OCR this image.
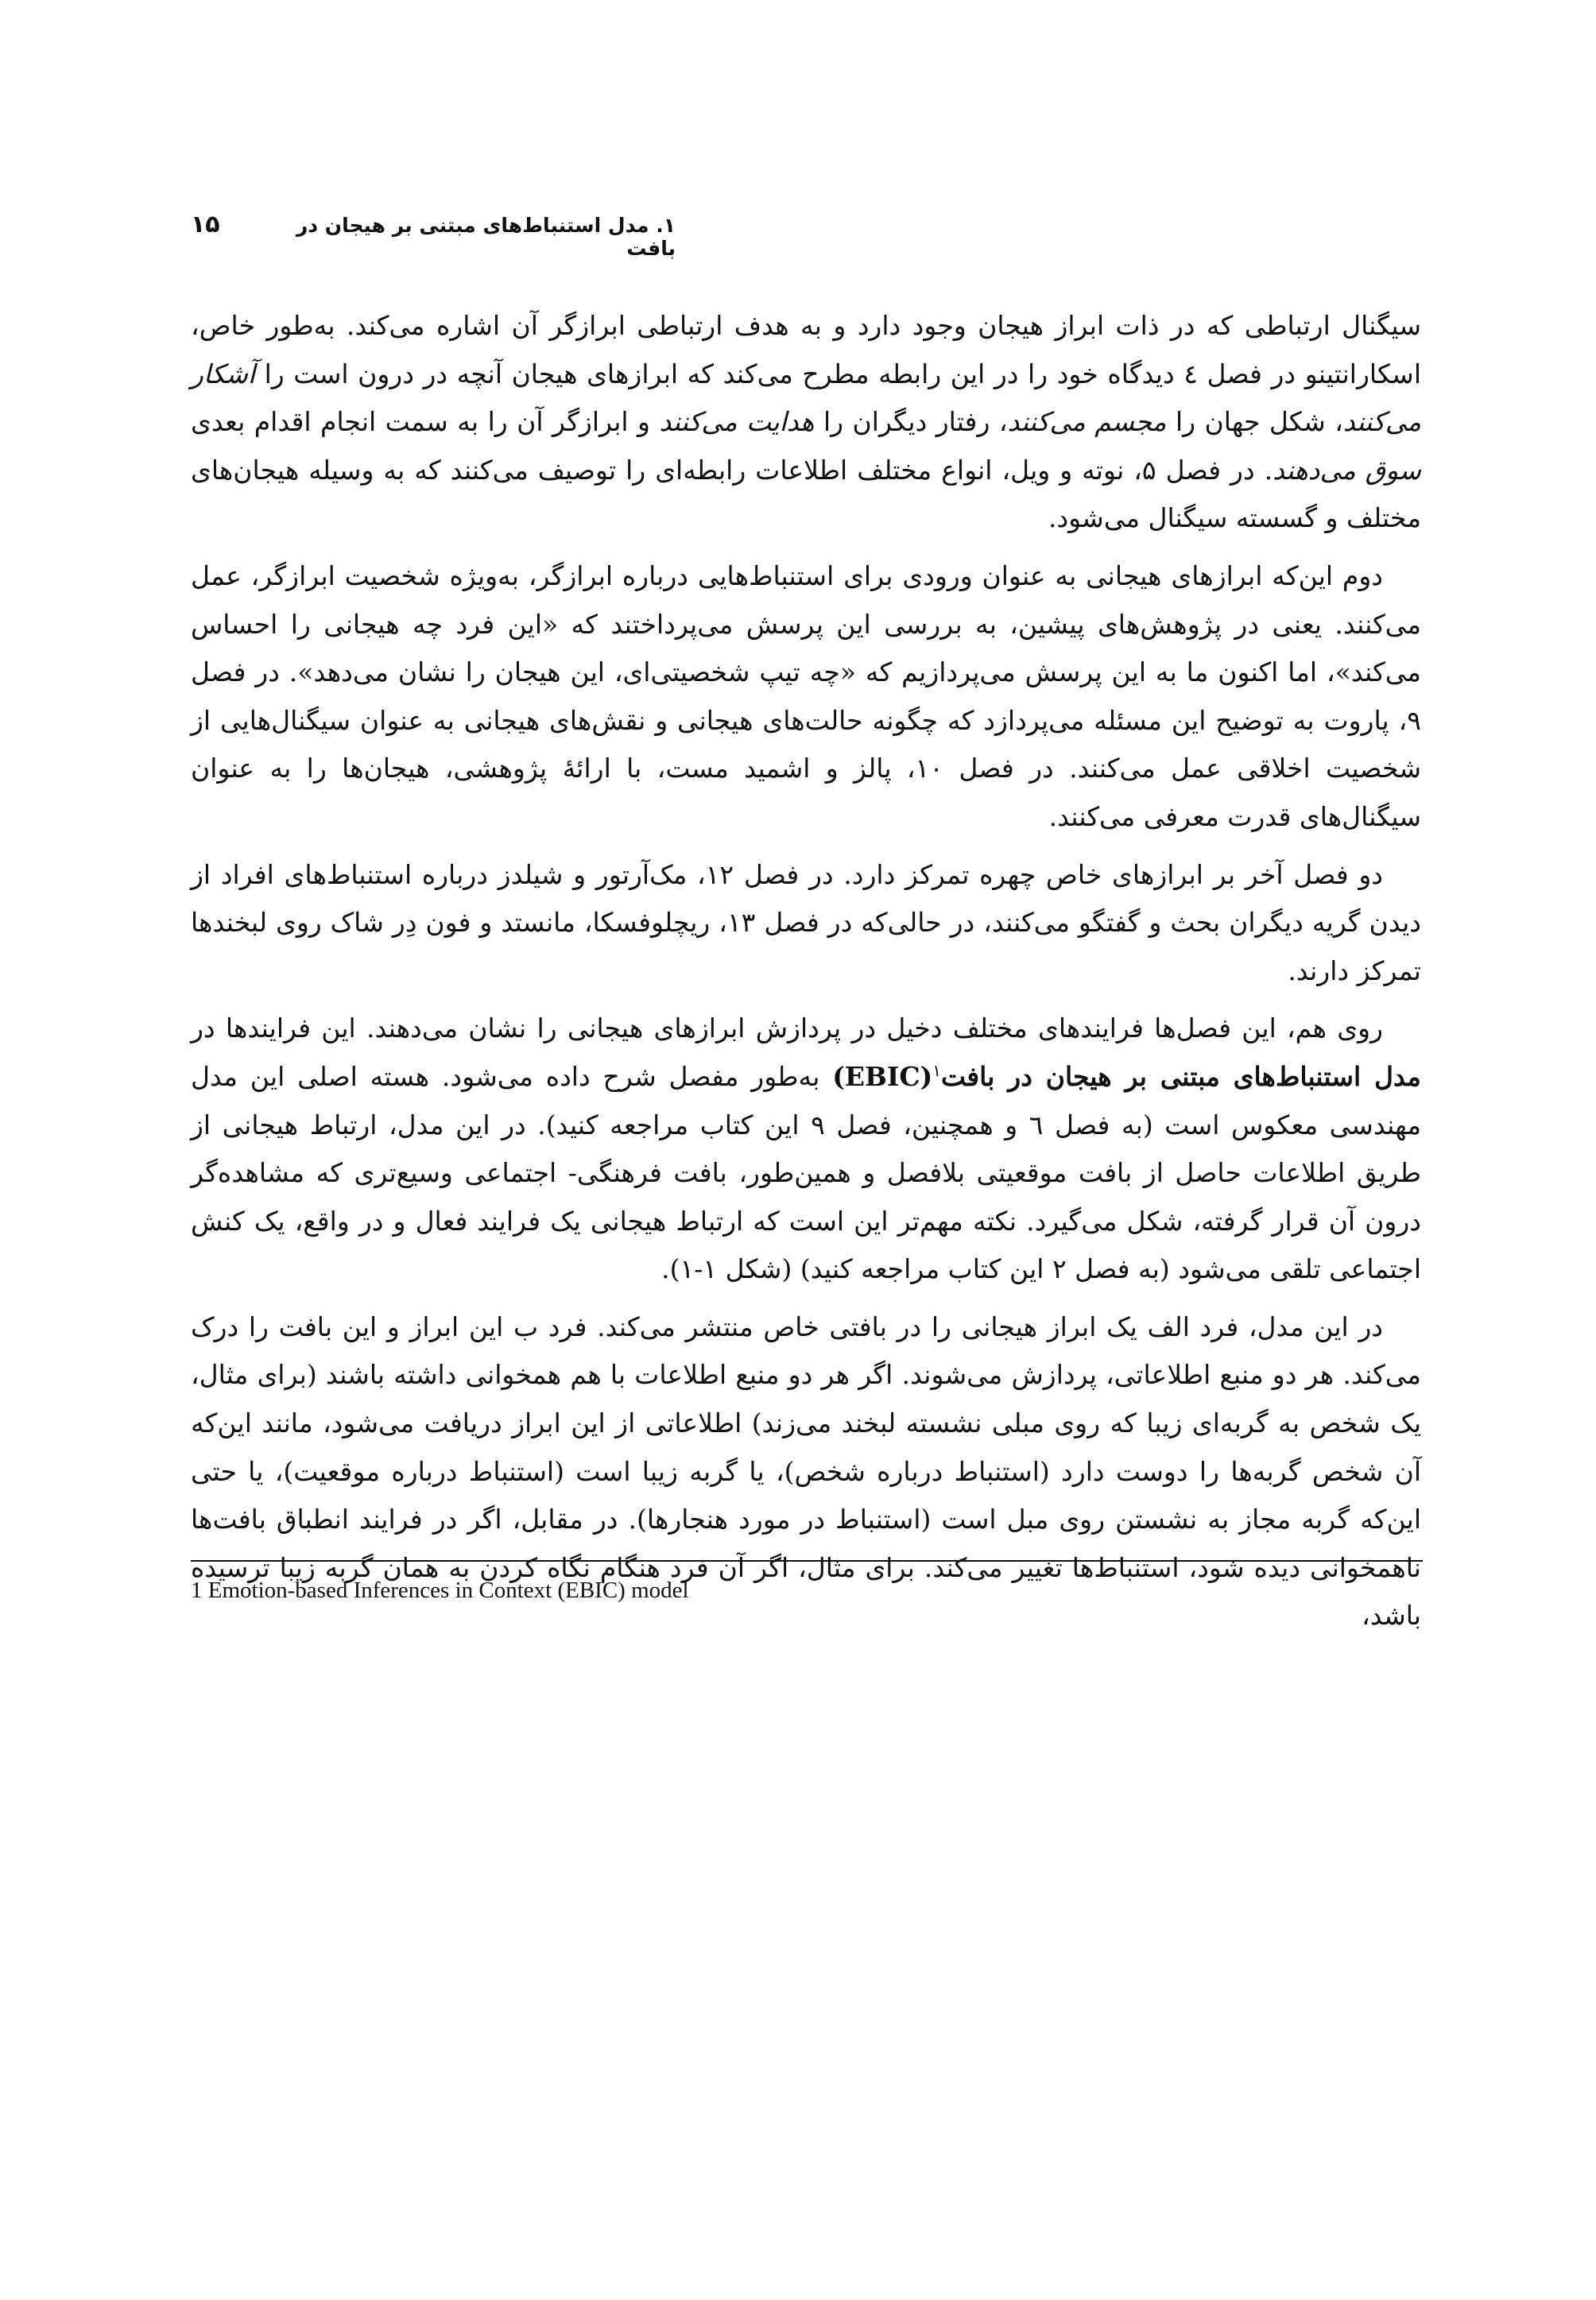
۱. مدل استنباط‌های مبتنی بر هیجان در بافت
۱۵

سیگنال ارتباطی که در ذات ابراز هیجان وجود دارد و به هدف ارتباطی ابرازگر آن اشاره می‌کند. به‌طور خاص، اسکارانتینو در فصل ٤ دیدگاه خود را در این رابطه مطرح می‌کند که ابرازهای هیجان آنچه در درون است را آشکار می‌کنند، شکل جهان را مجسم می‌کنند، رفتار دیگران را هدایت می‌کنند و ابرازگر آن را به سمت انجام اقدام بعدی سوق می‌دهند. در فصل ۵، نوته و ویل، انواع مختلف اطلاعات رابطه‌ای را توصیف می‌کنند که به وسیله هیجان‌های مختلف و گسسته سیگنال می‌شود.

دوم این‌که ابرازهای هیجانی به عنوان ورودی برای استنباط‌هایی درباره ابرازگر، به‌ویژه شخصیت ابرازگر، عمل می‌کنند. یعنی در پژوهش‌های پیشین، به بررسی این پرسش می‌پرداختند که «این فرد چه هیجانی را احساس می‌کند»، اما اکنون ما به این پرسش می‌پردازیم که «چه تیپ شخصیتی‌ای، این هیجان را نشان می‌دهد». در فصل ۹، پاروت به توضیح این مسئله می‌پردازد که چگونه حالت‌های هیجانی و نقش‌های هیجانی به عنوان سیگنال‌هایی از شخصیت اخلاقی عمل می‌کنند. در فصل ۱۰، پالز و اشمید مست، با ارائهٔ پژوهشی، هیجان‌ها را به عنوان سیگنال‌های قدرت معرفی می‌کنند.

دو فصل آخر بر ابرازهای خاص چهره تمرکز دارد. در فصل ۱۲، مک‌آرتور و شیلدز درباره استنباط‌های افراد از دیدن گریه دیگران بحث و گفتگو می‌کنند، در حالی‌که در فصل ۱۳، ریچلوفسکا، مانستد و فون دِر شاک روی لبخندها تمرکز دارند.

روی هم، این فصل‌ها فرایندهای مختلف دخیل در پردازش ابرازهای هیجانی را نشان می‌دهند. این فرایندها در مدل استنباط‌های مبتنی بر هیجان در بافت$^۱$(EBIC) به‌طور مفصل شرح داده می‌شود. هسته اصلی این مدل مهندسی معکوس است (به فصل ٦ و همچنین، فصل ۹ این کتاب مراجعه کنید). در این مدل، ارتباط هیجانی از طریق اطلاعات حاصل از بافت موقعیتی بلافصل و همین‌طور، بافت فرهنگی- اجتماعی وسیع‌تری که مشاهده‌گر درون آن قرار گرفته، شکل می‌گیرد. نکته مهم‌تر این است که ارتباط هیجانی یک فرایند فعال و در واقع، یک کنش اجتماعی تلقی می‌شود (به فصل ۲ این کتاب مراجعه کنید) (شکل ۱-۱).

در این مدل، فرد الف یک ابراز هیجانی را در بافتی خاص منتشر می‌کند. فرد ب این ابراز و این بافت را درک می‌کند. هر دو منبع اطلاعاتی، پردازش می‌شوند. اگر هر دو منبع اطلاعات با هم همخوانی داشته باشند (برای مثال، یک شخص به گربه‌ای زیبا که روی مبلی نشسته لبخند می‌زند) اطلاعاتی از این ابراز دریافت می‌شود، مانند این‌که آن شخص گربه‌ها را دوست دارد (استنباط درباره شخص)، یا گربه زیبا است (استنباط درباره موقعیت)، یا حتی این‌که گربه مجاز به نشستن روی مبل است (استنباط در مورد هنجارها). در مقابل، اگر در فرایند انطباق بافت‌ها ناهمخوانی دیده شود، استنباط‌ها تغییر می‌کند. برای مثال، اگر آن فرد هنگام نگاه کردن به همان گربه زیبا ترسیده باشد،

1 Emotion-based Inferences in Context (EBIC) model
